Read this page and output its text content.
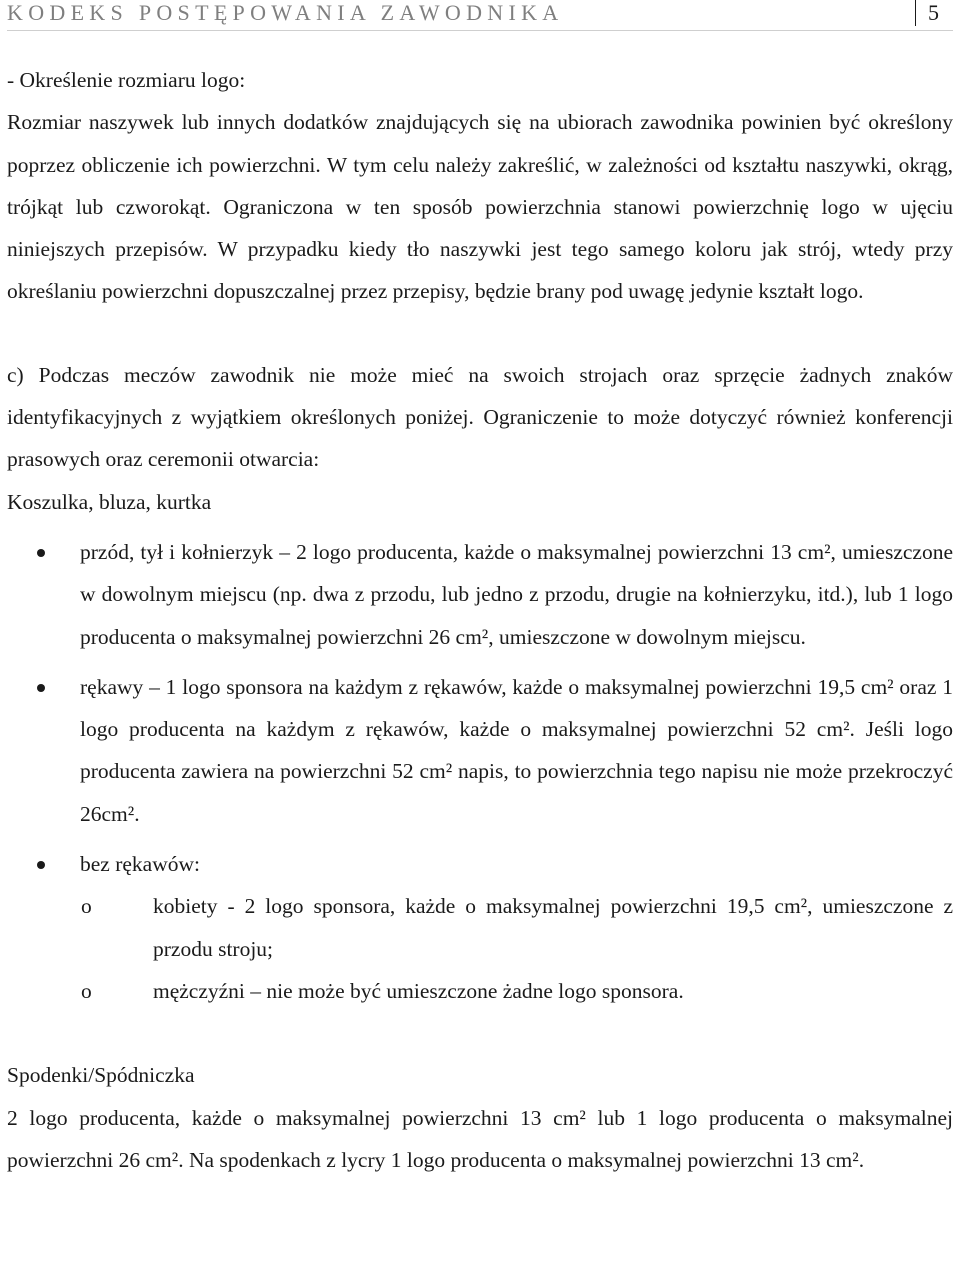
KODEKS POSTĘPOWANIA ZAWODNIKA	5

- Określenie rozmiaru logo:

Rozmiar naszywek lub innych dodatków znajdujących się na ubiorach zawodnika powinien być określony poprzez obliczenie ich powierzchni. W tym celu należy zakreślić, w zależności od kształtu naszywki, okrąg, trójkąt lub czworokąt. Ograniczona w ten sposób powierzchnia stanowi powierzchnię logo w ujęciu niniejszych przepisów. W przypadku kiedy tło naszywki jest tego samego koloru jak strój, wtedy przy określaniu powierzchni dopuszczalnej przez przepisy, będzie brany pod uwagę jedynie kształt logo.

c) Podczas meczów zawodnik nie może mieć na swoich strojach oraz sprzęcie żadnych znaków identyfikacyjnych z wyjątkiem określonych poniżej. Ograniczenie to może dotyczyć również konferencji prasowych oraz ceremonii otwarcia:

Koszulka, bluza, kurtka

przód, tył i kołnierzyk – 2 logo producenta, każde o maksymalnej powierzchni 13 cm², umieszczone w dowolnym miejscu (np. dwa z przodu, lub jedno z przodu, drugie na kołnierzyku, itd.), lub 1 logo producenta o maksymalnej powierzchni 26 cm², umieszczone w dowolnym miejscu.
rękawy – 1 logo sponsora na każdym z rękawów, każde o maksymalnej powierzchni 19,5 cm² oraz 1 logo producenta na każdym z rękawów, każde o maksymalnej powierzchni 52 cm². Jeśli logo producenta zawiera na powierzchni 52 cm² napis, to powierzchnia tego napisu nie może przekroczyć 26cm².
bez rękawów:
o	kobiety - 2 logo sponsora, każde o maksymalnej powierzchni 19,5 cm², umieszczone z przodu stroju;
o	mężczyźni – nie może być umieszczone żadne logo sponsora.

Spodenki/Spódniczka

2 logo producenta, każde o maksymalnej powierzchni 13 cm² lub 1 logo producenta o maksymalnej powierzchni 26 cm². Na spodenkach z lycry 1 logo producenta o maksymalnej powierzchni 13 cm².
